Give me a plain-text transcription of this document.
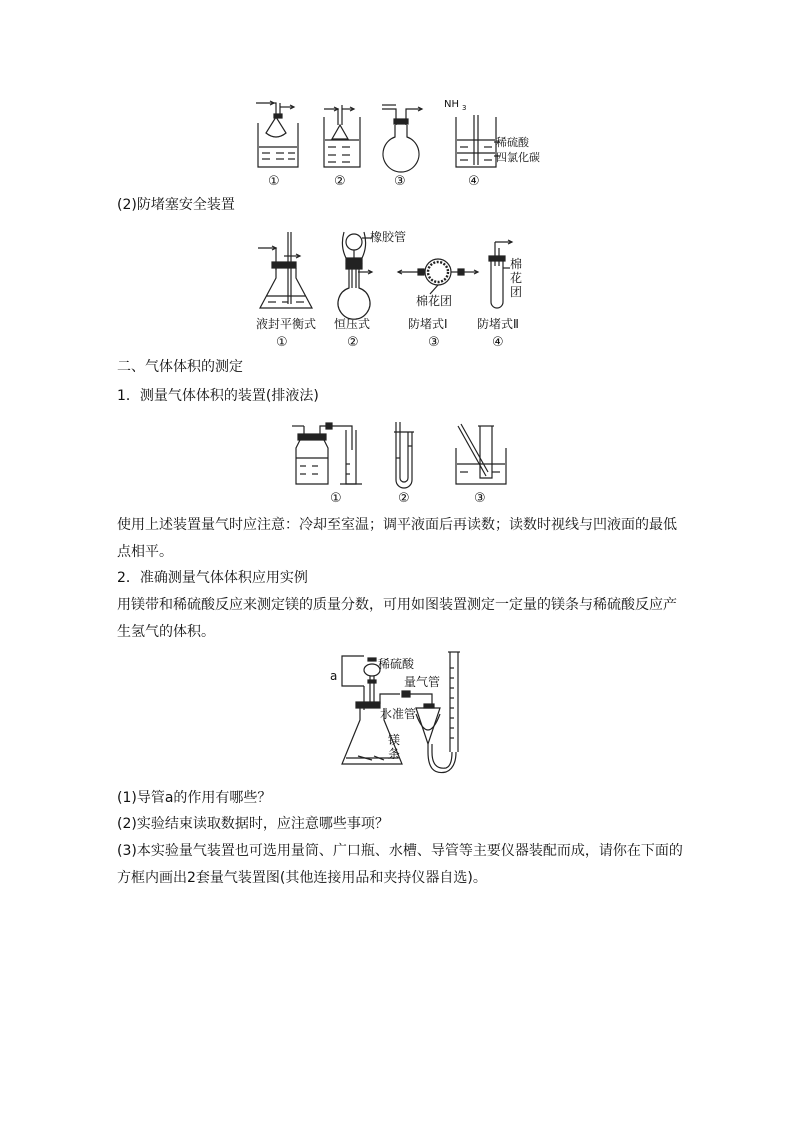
NH 3
稀硫酸
四氯化碳
①	②	③	④
(2)防堵塞安全装置
橡胶管
棉花团
棉
花
团
液封平衡式 恒压式	防堵式Ⅰ 防堵式Ⅱ
①	②	③	④
二、气体体积的测定
1．测量气体体积的装置(排液法)
①	②	③
使用上述装置量气时应注意：冷却至室温；调平液面后再读数；读数时视线与凹液面的最低点相平。
2．准确测量气体体积应用实例
用镁带和稀硫酸反应来测定镁的质量分数，可用如图装置测定一定量的镁条与稀硫酸反应产生氢气的体积。
稀硫酸
a	量气管
水准管
镁
条
(1)导管a的作用有哪些？
(2)实验结束读取数据时，应注意哪些事项？
(3)本实验量气装置也可选用量筒、广口瓶、水槽、导管等主要仪器装配而成，请你在下面的方框内画出2套量气装置图(其他连接用品和夹持仪器自选)。
